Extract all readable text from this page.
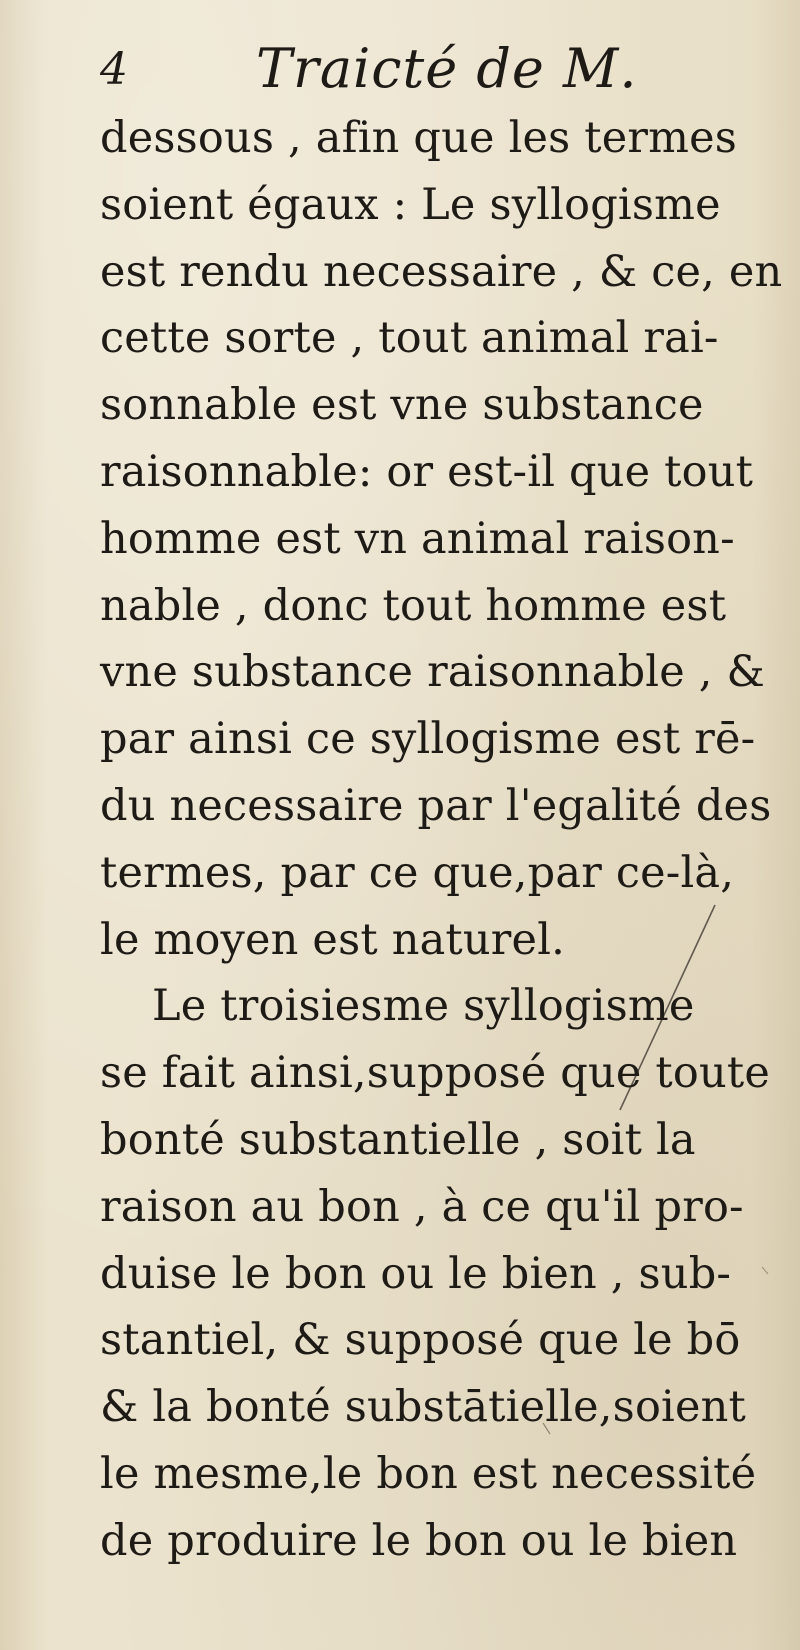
4 Traicté de M.
dessous , afin que les termes
soient égaux : Le syllogisme
est rendu necessaire , & ce, en
cette sorte , tout animal rai-
sonnable est vne substance
raisonnable: or est-il que tout
homme est vn animal raison-
nable , donc tout homme est
vne substance raisonnable , &
par ainsi ce syllogisme est rē-
du necessaire par l'egalité des
termes, par ce que,par ce-là,
le moyen est naturel.
Le troisiesme syllogisme
se fait ainsi,supposé que toute
bonté substantielle , soit la
raison au bon , à ce qu'il pro-
duise le bon ou le bien , sub-
stantiel, & supposé que le bō
& la bonté substātielle,soient
le mesme,le bon est necessité
de produire le bon ou le bien
